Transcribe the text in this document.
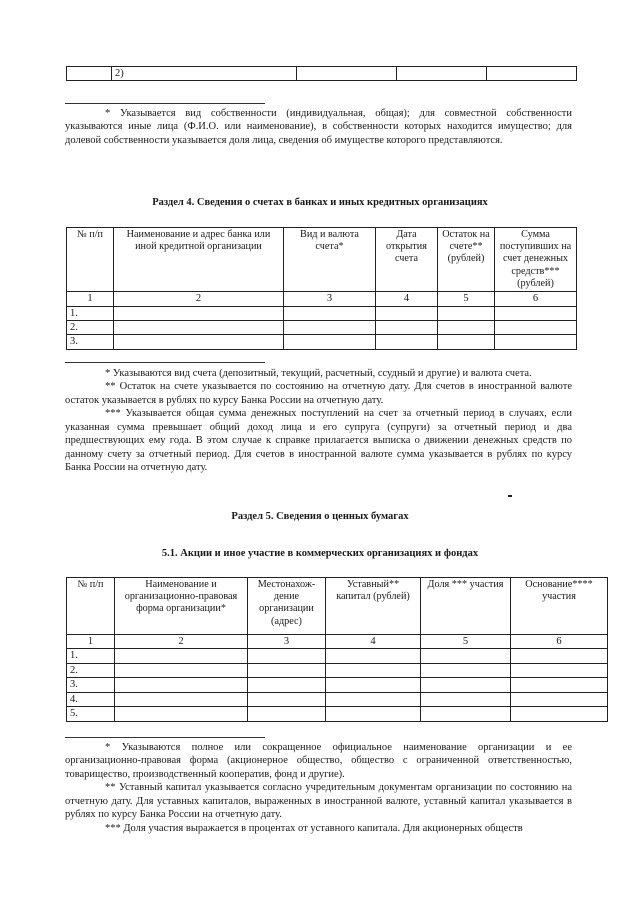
	2)			

* Указывается вид собственности (индивидуальная, общая); для совместной собственности указываются иные лица (Ф.И.О. или наименование), в собственности которых находится имущество; для долевой собственности указывается доля лица, сведения об имуществе которого представляются.

Раздел 4. Сведения о счетах в банках и иных кредитных организациях
№ п/п	Наименование и адрес банка или иной кредитной организации	Вид и валюта счета*	Дата открытия счета	Остаток на счете** (рублей)	Сумма поступивших на счет денежных средств*** (рублей)
1	2	3	4	5	6
1.					
2.					
3.					

* Указываются вид счета (депозитный, текущий, расчетный, ссудный и другие) и валюта счета.

** Остаток на счете указывается по состоянию на отчетную дату. Для счетов в иностранной валюте остаток указывается в рублях по курсу Банка России на отчетную дату.

*** Указывается общая сумма денежных поступлений на счет за отчетный период в случаях, если указанная сумма превышает общий доход лица и его супруга (супруги) за отчетный период и два предшествующих ему года. В этом случае к справке прилагается выписка о движении денежных средств по данному счету за отчетный период. Для счетов в иностранной валюте сумма указывается в рублях по курсу Банка России на отчетную дату.

Раздел 5. Сведения о ценных бумагах
5.1. Акции и иное участие в коммерческих организациях и фондах
№ п/п	Наименование и организационно-правовая форма организации*	Местонахож-дение организации (адрес)	Уставный** капитал (рублей)	Доля *** участия	Основание**** участия
1	2	3	4	5	6
1.					
2.					
3.					
4.					
5.					

* Указываются полное или сокращенное официальное наименование организации и ее организационно-правовая форма (акционерное общество, общество с ограниченной ответственностью, товарищество, производственный кооператив, фонд и другие).

** Уставный капитал указывается согласно учредительным документам организации по состоянию на отчетную дату. Для уставных капиталов, выраженных в иностранной валюте, уставный капитал указывается в рублях по курсу Банка России на отчетную дату.

*** Доля участия выражается в процентах от уставного капитала. Для акционерных обществ
